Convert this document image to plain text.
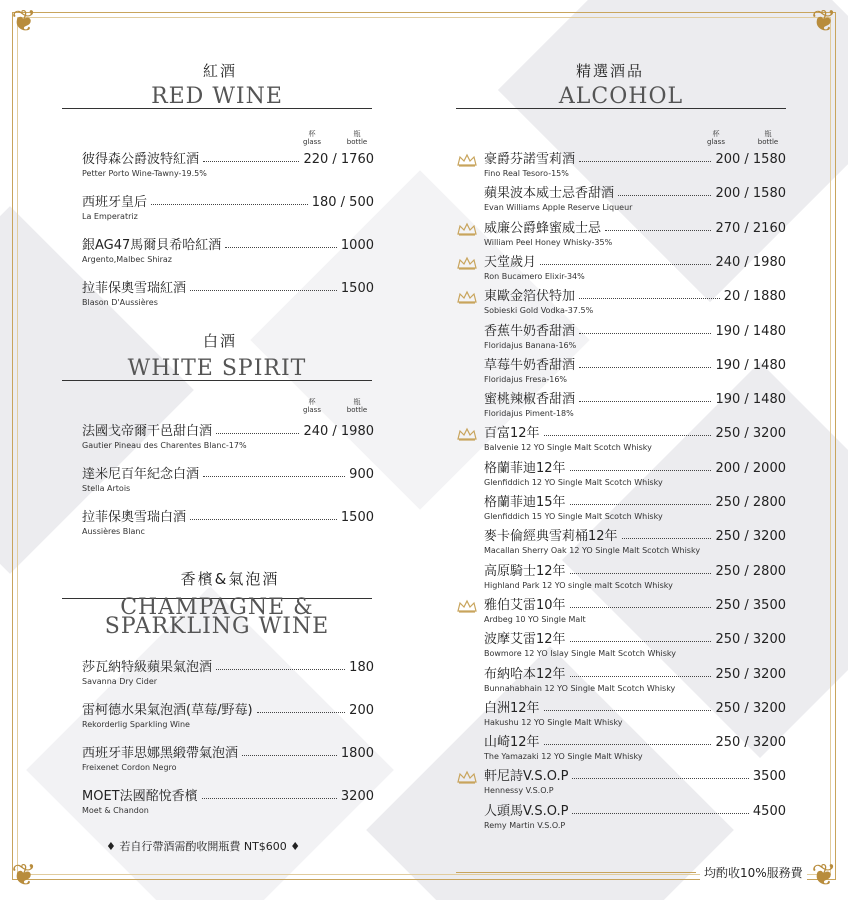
❦	❦
❦	❦
紅酒
RED WINE
杯
glass
瓶
bottle
彼得森公爵波特紅酒
Petter Porto Wine-Tawny-19.5%
220 / 1760
西班牙皇后
La Emperatriz
180 / 500
銀AG47馬爾貝希哈紅酒
Argento,Malbec Shiraz
1000
拉菲保奧雪瑞紅酒
Blason D'Aussières
1500
白酒
WHITE SPIRIT
杯
glass
瓶
bottle
法國戈帝爾干邑甜白酒
Gautier Pineau des Charentes Blanc-17%
240 / 1980
達米尼百年紀念白酒
Stella Artois
900
拉菲保奧雪瑞白酒
Aussières Blanc
1500
香檳&氣泡酒
CHAMPAGNE &
SPARKLING WINE
莎瓦納特級蘋果氣泡酒
Savanna Dry Cider
180
雷柯德水果氣泡酒(草莓/野莓)
Rekorderlig Sparkling Wine
200
西班牙菲思娜黑緞帶氣泡酒
Freixenet Cordon Negro
1800
MOET法國酩悅香檳
Moet & Chandon
3200
♦ 若自行帶酒需酌收開瓶費 NT$600 ♦
精選酒品
ALCOHOL
杯
glass
瓶
bottle
豪爵芬諾雪莉酒
Fino Real Tesoro-15%
200 / 1580
蘋果波本威士忌香甜酒
Evan Williams Apple Reserve Liqueur
200 / 1580
威廉公爵蜂蜜威士忌
William Peel Honey Whisky-35%
270 / 2160
天堂歲月
Ron Bucamero Elixir-34%
240 / 1980
東歐金箔伏特加
Sobieski Gold Vodka-37.5%
20 / 1880
香蕉牛奶香甜酒
Floridajus Banana-16%
190 / 1480
草莓牛奶香甜酒
Floridajus Fresa-16%
190 / 1480
蜜桃辣椒香甜酒
Floridajus Piment-18%
190 / 1480
百富12年
Balvenie 12 YO Single Malt Scotch Whisky
250 / 3200
格蘭菲迪12年
Glenfiddich 12 YO Single Malt Scotch Whisky
200 / 2000
格蘭菲迪15年
Glenfiddich 15 YO Single Malt Scotch Whisky
250 / 2800
麥卡倫經典雪莉桶12年
Macallan Sherry Oak 12 YO Single Malt Scotch Whisky
250 / 3200
高原騎士12年
Highland Park 12 YO single malt Scotch Whisky
250 / 2800
雅伯艾雷10年
Ardbeg 10 YO Single Malt
250 / 3500
波摩艾雷12年
Bowmore 12 YO Islay Single Malt Scotch Whisky
250 / 3200
布納哈本12年
Bunnahabhain 12 YO Single Malt Scotch Whisky
250 / 3200
白洲12年
Hakushu 12 YO Single Malt Whisky
250 / 3200
山崎12年
The Yamazaki 12 YO Single Malt Whisky
250 / 3200
軒尼詩V.S.O.P
Hennessy V.S.O.P
3500
人頭馬V.S.O.P
Remy Martin V.S.O.P
4500
均酌收10%服務費
